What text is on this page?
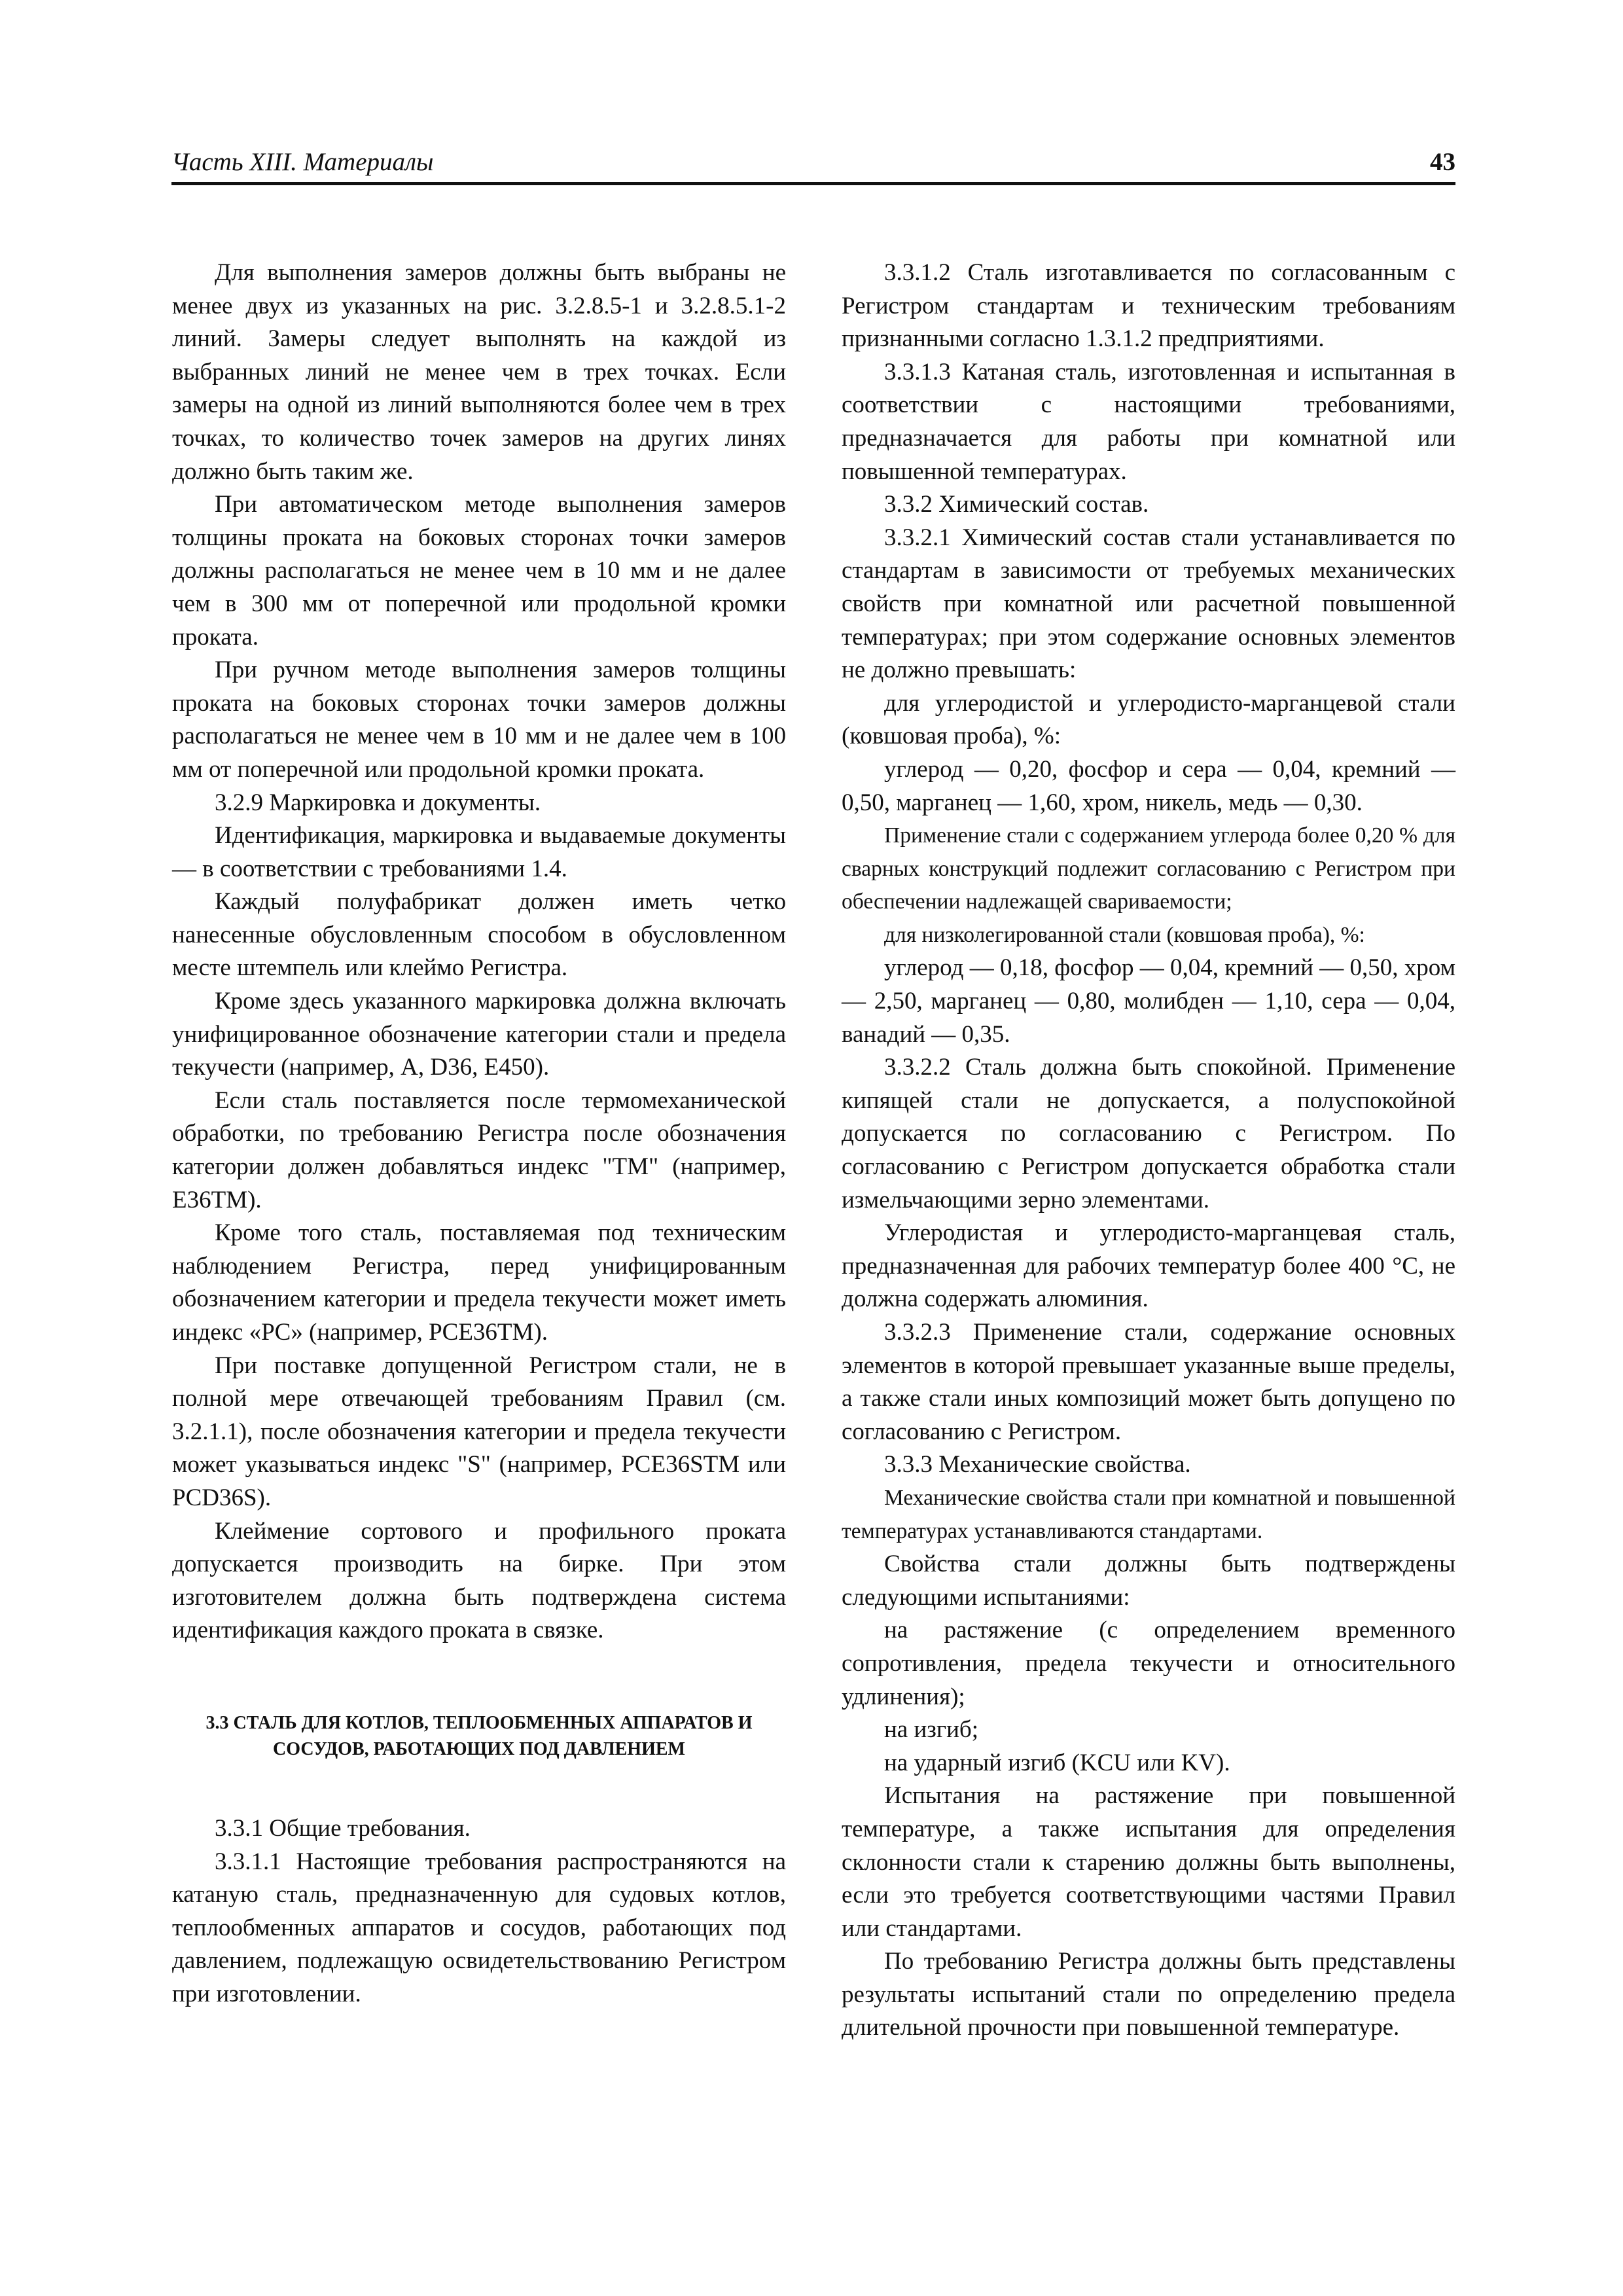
Часть XIII. Материалы	43

Для выполнения замеров должны быть выбраны не менее двух из указанных на рис. 3.2.8.5-1 и 3.2.8.5.1-2 линий. Замеры следует выполнять на каждой из выбранных линий не менее чем в трех точках. Если замеры на одной из линий выполняются более чем в трех точках, то количество точек замеров на других линях должно быть таким же.

При автоматическом методе выполнения замеров толщины проката на боковых сторонах точки замеров должны располагаться не менее чем в 10 мм и не далее чем в 300 мм от поперечной или продольной кромки проката.

При ручном методе выполнения замеров толщины проката на боковых сторонах точки замеров должны располагаться не менее чем в 10 мм и не далее чем в 100 мм от поперечной или продольной кромки проката.

3.2.9 Маркировка и документы.

Идентификация, маркировка и выдаваемые документы — в соответствии с требованиями 1.4.

Каждый полуфабрикат должен иметь четко нанесенные обусловленным способом в обусловленном месте штемпель или клеймо Регистра.

Кроме здесь указанного маркировка должна включать унифицированное обозначение категории стали и предела текучести (например, A, D36, E450).

Если сталь поставляется после термомеханической обработки, по требованию Регистра после обозначения категории должен добавляться индекс "TM" (например, E36TM).

Кроме того сталь, поставляемая под техническим наблюдением Регистра, перед унифицированным обозначением категории и предела текучести может иметь индекс «PC» (например, PCE36TM).

При поставке допущенной Регистром стали, не в полной мере отвечающей требованиям Правил (см. 3.2.1.1), после обозначения категории и предела текучести может указываться индекс "S" (например, PCE36STM или PCD36S).

Клеймение сортового и профильного проката допускается производить на бирке. При этом изготовителем должна быть подтверждена система идентификация каждого проката в связке.

3.3 СТАЛЬ ДЛЯ КОТЛОВ, ТЕПЛООБМЕННЫХ АППАРАТОВ И СОСУДОВ, РАБОТАЮЩИХ ПОД ДАВЛЕНИЕМ

3.3.1 Общие требования.

3.3.1.1 Настоящие требования распространяются на катаную сталь, предназначенную для судовых котлов, теплообменных аппаратов и сосудов, работающих под давлением, подлежащую освидетельствованию Регистром при изготовлении.

3.3.1.2 Сталь изготавливается по согласованным с Регистром стандартам и техническим требованиям признанными согласно 1.3.1.2 предприятиями.

3.3.1.3 Катаная сталь, изготовленная и испытанная в соответствии с настоящими требованиями, предназначается для работы при комнатной или повышенной температурах.

3.3.2 Химический состав.

3.3.2.1 Химический состав стали устанавливается по стандартам в зависимости от требуемых механических свойств при комнатной или расчетной повышенной температурах; при этом содержание основных элементов не должно превышать:

для углеродистой и углеродисто-марганцевой стали (ковшовая проба), %:

углерод — 0,20, фосфор и сера — 0,04, кремний — 0,50, марганец — 1,60, хром, никель, медь — 0,30.

Применение стали с содержанием углерода более 0,20 % для сварных конструкций подлежит согласованию с Регистром при обеспечении надлежащей свариваемости;

для низколегированной стали (ковшовая проба), %:

углерод — 0,18, фосфор — 0,04, кремний — 0,50, хром — 2,50, марганец — 0,80, молибден — 1,10, сера — 0,04, ванадий — 0,35.

3.3.2.2 Сталь должна быть спокойной. Применение кипящей стали не допускается, а полуспокойной допускается по согласованию с Регистром. По согласованию с Регистром допускается обработка стали измельчающими зерно элементами.

Углеродистая и углеродисто-марганцевая сталь, предназначенная для рабочих температур более 400 °C, не должна содержать алюминия.

3.3.2.3 Применение стали, содержание основных элементов в которой превышает указанные выше пределы, а также стали иных композиций может быть допущено по согласованию с Регистром.

3.3.3 Механические свойства.

Механические свойства стали при комнатной и повышенной температурах устанавливаются стандартами.

Свойства стали должны быть подтверждены следующими испытаниями:

на растяжение (с определением временного сопротивления, предела текучести и относительного удлинения);

на изгиб;

на ударный изгиб (KCU или KV).

Испытания на растяжение при повышенной температуре, а также испытания для определения склонности стали к старению должны быть выполнены, если это требуется соответствующими частями Правил или стандартами.

По требованию Регистра должны быть представлены результаты испытаний стали по определению предела длительной прочности при повышенной температуре.
